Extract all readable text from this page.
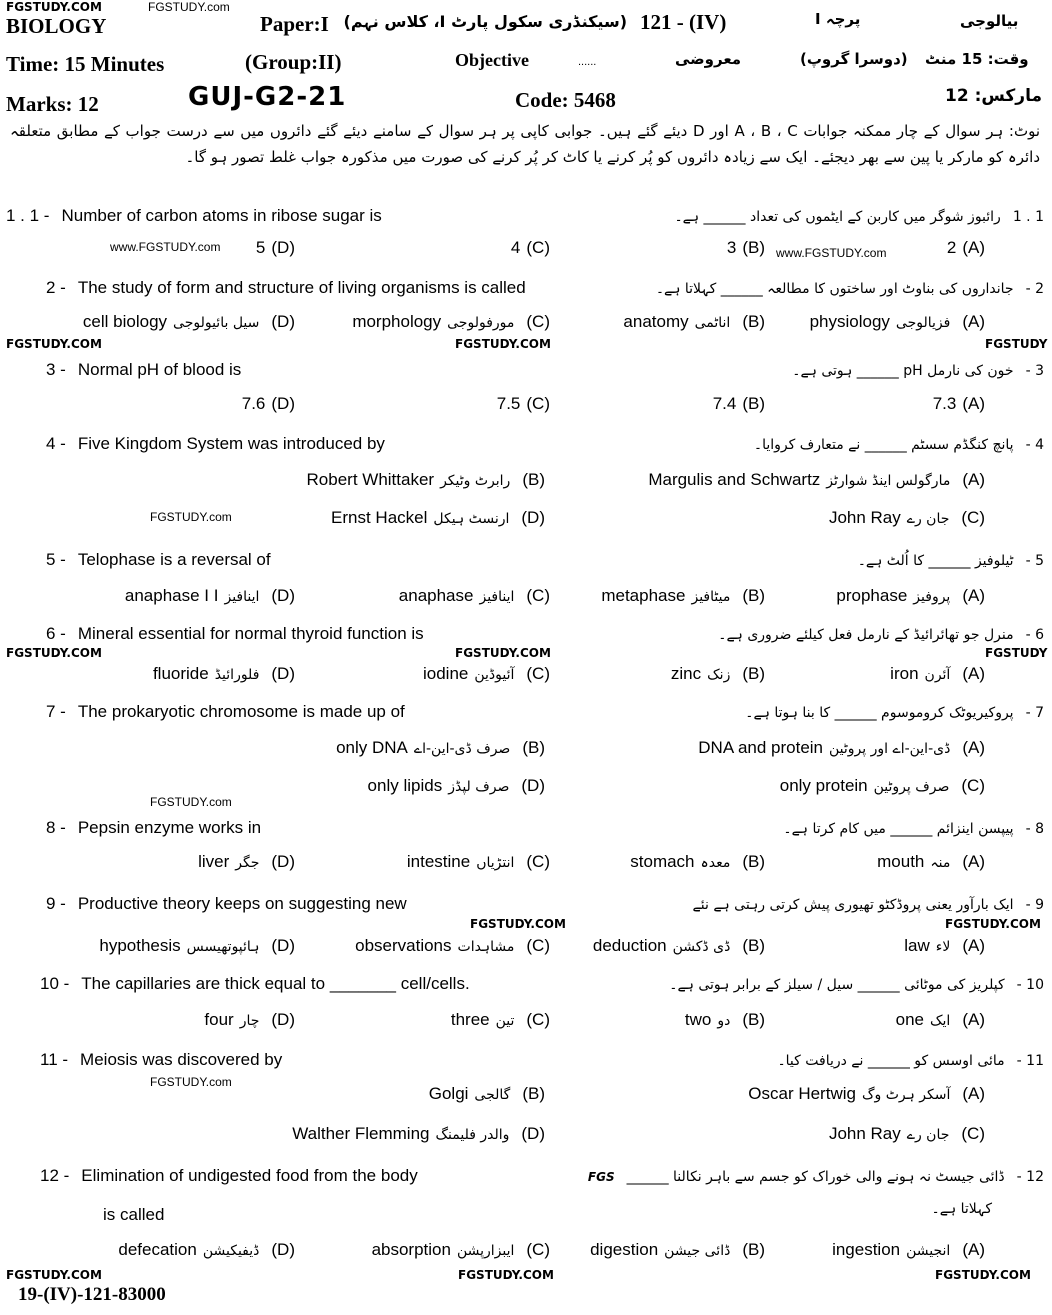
FGSTUDY.COM	FGSTUDY.com
FGSTUDY.COM	FGSTUDY.COM	FGSTUDY
www.FGSTUDY.com	www.FGSTUDY.com
FGSTUDY.com
FGSTUDY.COM	FGSTUDY.COM	FGSTUDY
FGSTUDY.com
FGSTUDY.COM	FGSTUDY.COM
FGSTUDY.com
FGSTUDY.COM	FGSTUDY.COM	FGSTUDY.COM
BIOLOGY	Paper:I (سیکنڈری سکول پارٹ I، کلاس نہم) 121 - (IV)	پرچہ I	بیالوجی
Time: 15 Minutes	(Group:II)	Objective	......	معروضی	(دوسرا گروپ) وقت: 15 منٹ
Marks: 12	GUJ-G2-21	Code: 5468	مارکس: 12
نوٹ: ہر سوال کے چار ممکنہ جوابات A ، B ، C اور D دیئے گئے ہیں۔ جوابی کاپی پر ہر سوال کے سامنے دیئے گئے دائروں میں سے درست جواب کے مطابق متعلقہ دائرہ کو مارکر یا پین سے بھر دیجئے۔ ایک سے زیادہ دائروں کو پُر کرنے یا کاٹ کر پُر کرنے کی صورت میں مذکورہ جواب غلط تصور ہو گا۔
1 . 1 - Number of carbon atoms in ribose sugar is	رائبوز شوگر میں کاربن کے ایٹموں کی تعداد ______ ہے۔ 1 . 1
5 (D)	4 (C)	3 (B)	2 (A)
2 - The study of form and structure of living organisms is called	جانداروں کی بناوٹ اور ساختوں کا مطالعہ ______ کہلاتا ہے۔ - 2
cell biology سیل بائیولوجی (D)	morphology مورفولوجی (C)	anatomy اناٹمی (B)	physiology فزیالوجی (A)
3 - Normal pH of blood is	خون کی نارمل pH ______ ہوتی ہے۔ - 3
7.6 (D)	7.5 (C)	7.4 (B)	7.3 (A)
4 - Five Kingdom System was introduced by	پانچ کنگڈم سسٹم ______ نے متعارف کروایا۔ - 4
Robert Whittaker رابرٹ وٹیکر (B)	Margulis and Schwartz مارگولس اینڈ شوارٹز (A)
Ernst Hackel ارنسٹ ہیکل (D)	John Ray جان رے (C)
5 - Telophase is a reversal of	ٹیلوفیز ______ کا اُلٹ ہے۔ - 5
anaphase I I اینافیز (D)	anaphase اینافیز (C)	metaphase میٹافیز (B)	prophase پروفیز (A)
6 - Mineral essential for normal thyroid function is	منرل جو تھائرائیڈ کے نارمل فعل کیلئے ضروری ہے۔ - 6
fluoride فلورائیڈ (D)	iodine آئیوڈین (C)	zinc زنک (B)	iron آئرن (A)
7 - The prokaryotic chromosome is made up of	پروکیریوٹک کروموسوم ______ کا بنا ہوتا ہے۔ - 7
only DNA صرف ڈی-این-اے (B)	DNA and protein ڈی-این-اے اور پروٹین (A)
only lipids صرف لپڈز (D)	only protein صرف پروٹین (C)
8 - Pepsin enzyme works in	پیپسن اینزائم ______ میں کام کرتا ہے۔ - 8
liver جگر (D)	intestine انتڑیاں (C)	stomach معدہ (B)	mouth منہ (A)
9 - Productive theory keeps on suggesting new	ایک بارآور یعنی پروڈکٹو تھیوری پیش کرتی رہتی ہے نئے - 9
hypothesis ہائپوتھیسس (D)	observations مشاہدات (C)	deduction ڈی ڈکشن (B)	law لاء (A)
10 - The capillaries are thick equal to _______ cell/cells.	کپلریز کی موٹائی ______ سیل / سیلز کے برابر ہوتی ہے۔ - 10
four چار (D)	three تین (C)	two دو (B)	one ایک (A)
11 - Meiosis was discovered by	مائی اوسس کو ______ نے دریافت کیا۔ - 11
Golgi گالجی (B)	Oscar Hertwig آسکر ہرٹ وگ (A)
Walther Flemming والدر فلیمنگ (D)	John Ray جان رے (C)
12 - Elimination of undigested food from the body	FGS ڈائی جیسٹ نہ ہونے والی خوراک کو جسم سے باہر نکالنا ______ - 12
is called	کہلاتا ہے۔
defecation ڈیفیکیشن (D)	absorption ایبزارپشن (C) digestion ڈائی جیشن (B)	ingestion انجیشن (A)
19-(IV)-121-83000
